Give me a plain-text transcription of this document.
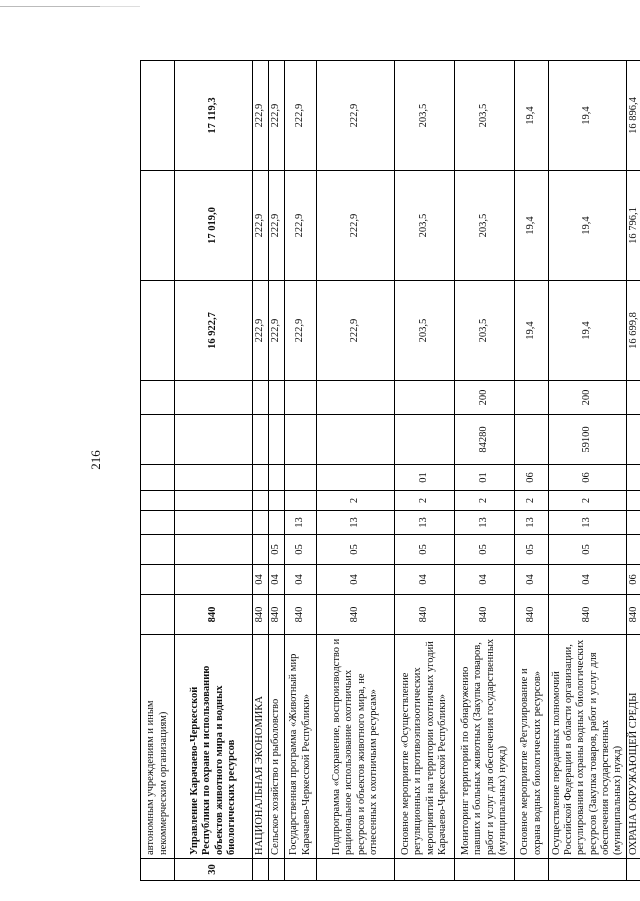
216
	автономным учреждениям и иным некоммерческим организациям)											
30	Управление Карачаево-Черкесской Республики по охране и использованию объектов животного мира и водных биологических ресурсов	840								16 922,7	17 019,0	17 119,3
	НАЦИОНАЛЬНАЯ ЭКОНОМИКА	840	04							222,9	222,9	222,9
	Сельское хозяйство и рыболовство	840	04	05						222,9	222,9	222,9
	Государственная программа «Животный мир Карачаево-Черкесской Республики»	840	04	05	13					222,9	222,9	222,9
	Подпрограмма «Сохранение, воспроизводство и рациональное использование охотничьих ресурсов и объектов животного мира, не отнесенных к охотничьим ресурсам»	840	04	05	13	2				222,9	222,9	222,9
	Основное мероприятие «Осуществление регуляционных и противоэпизоотических мероприятий на территории охотничьих угодий Карачаево-Черкесской Республики»	840	04	05	13	2	01			203,5	203,5	203,5
	Мониторинг территорий по обнаружению павших и больных животных (Закупка товаров, работ и услуг для обеспечения государственных (муниципальных) нужд)	840	04	05	13	2	01	84280	200	203,5	203,5	203,5
	Основное мероприятие «Регулирование и охрана водных биологических ресурсов»	840	04	05	13	2	06			19,4	19,4	19,4
	Осуществление переданных полномочий Российской Федерации в области организации, регулирования и охраны водных биологических ресурсов (Закупка товаров, работ и услуг для обеспечения государственных (муниципальных) нужд)	840	04	05	13	2	06	59100	200	19,4	19,4	19,4
	ОХРАНА ОКРУЖАЮЩЕЙ СРЕДЫ	840	06							16 699,8	16 796,1	16 896,4
